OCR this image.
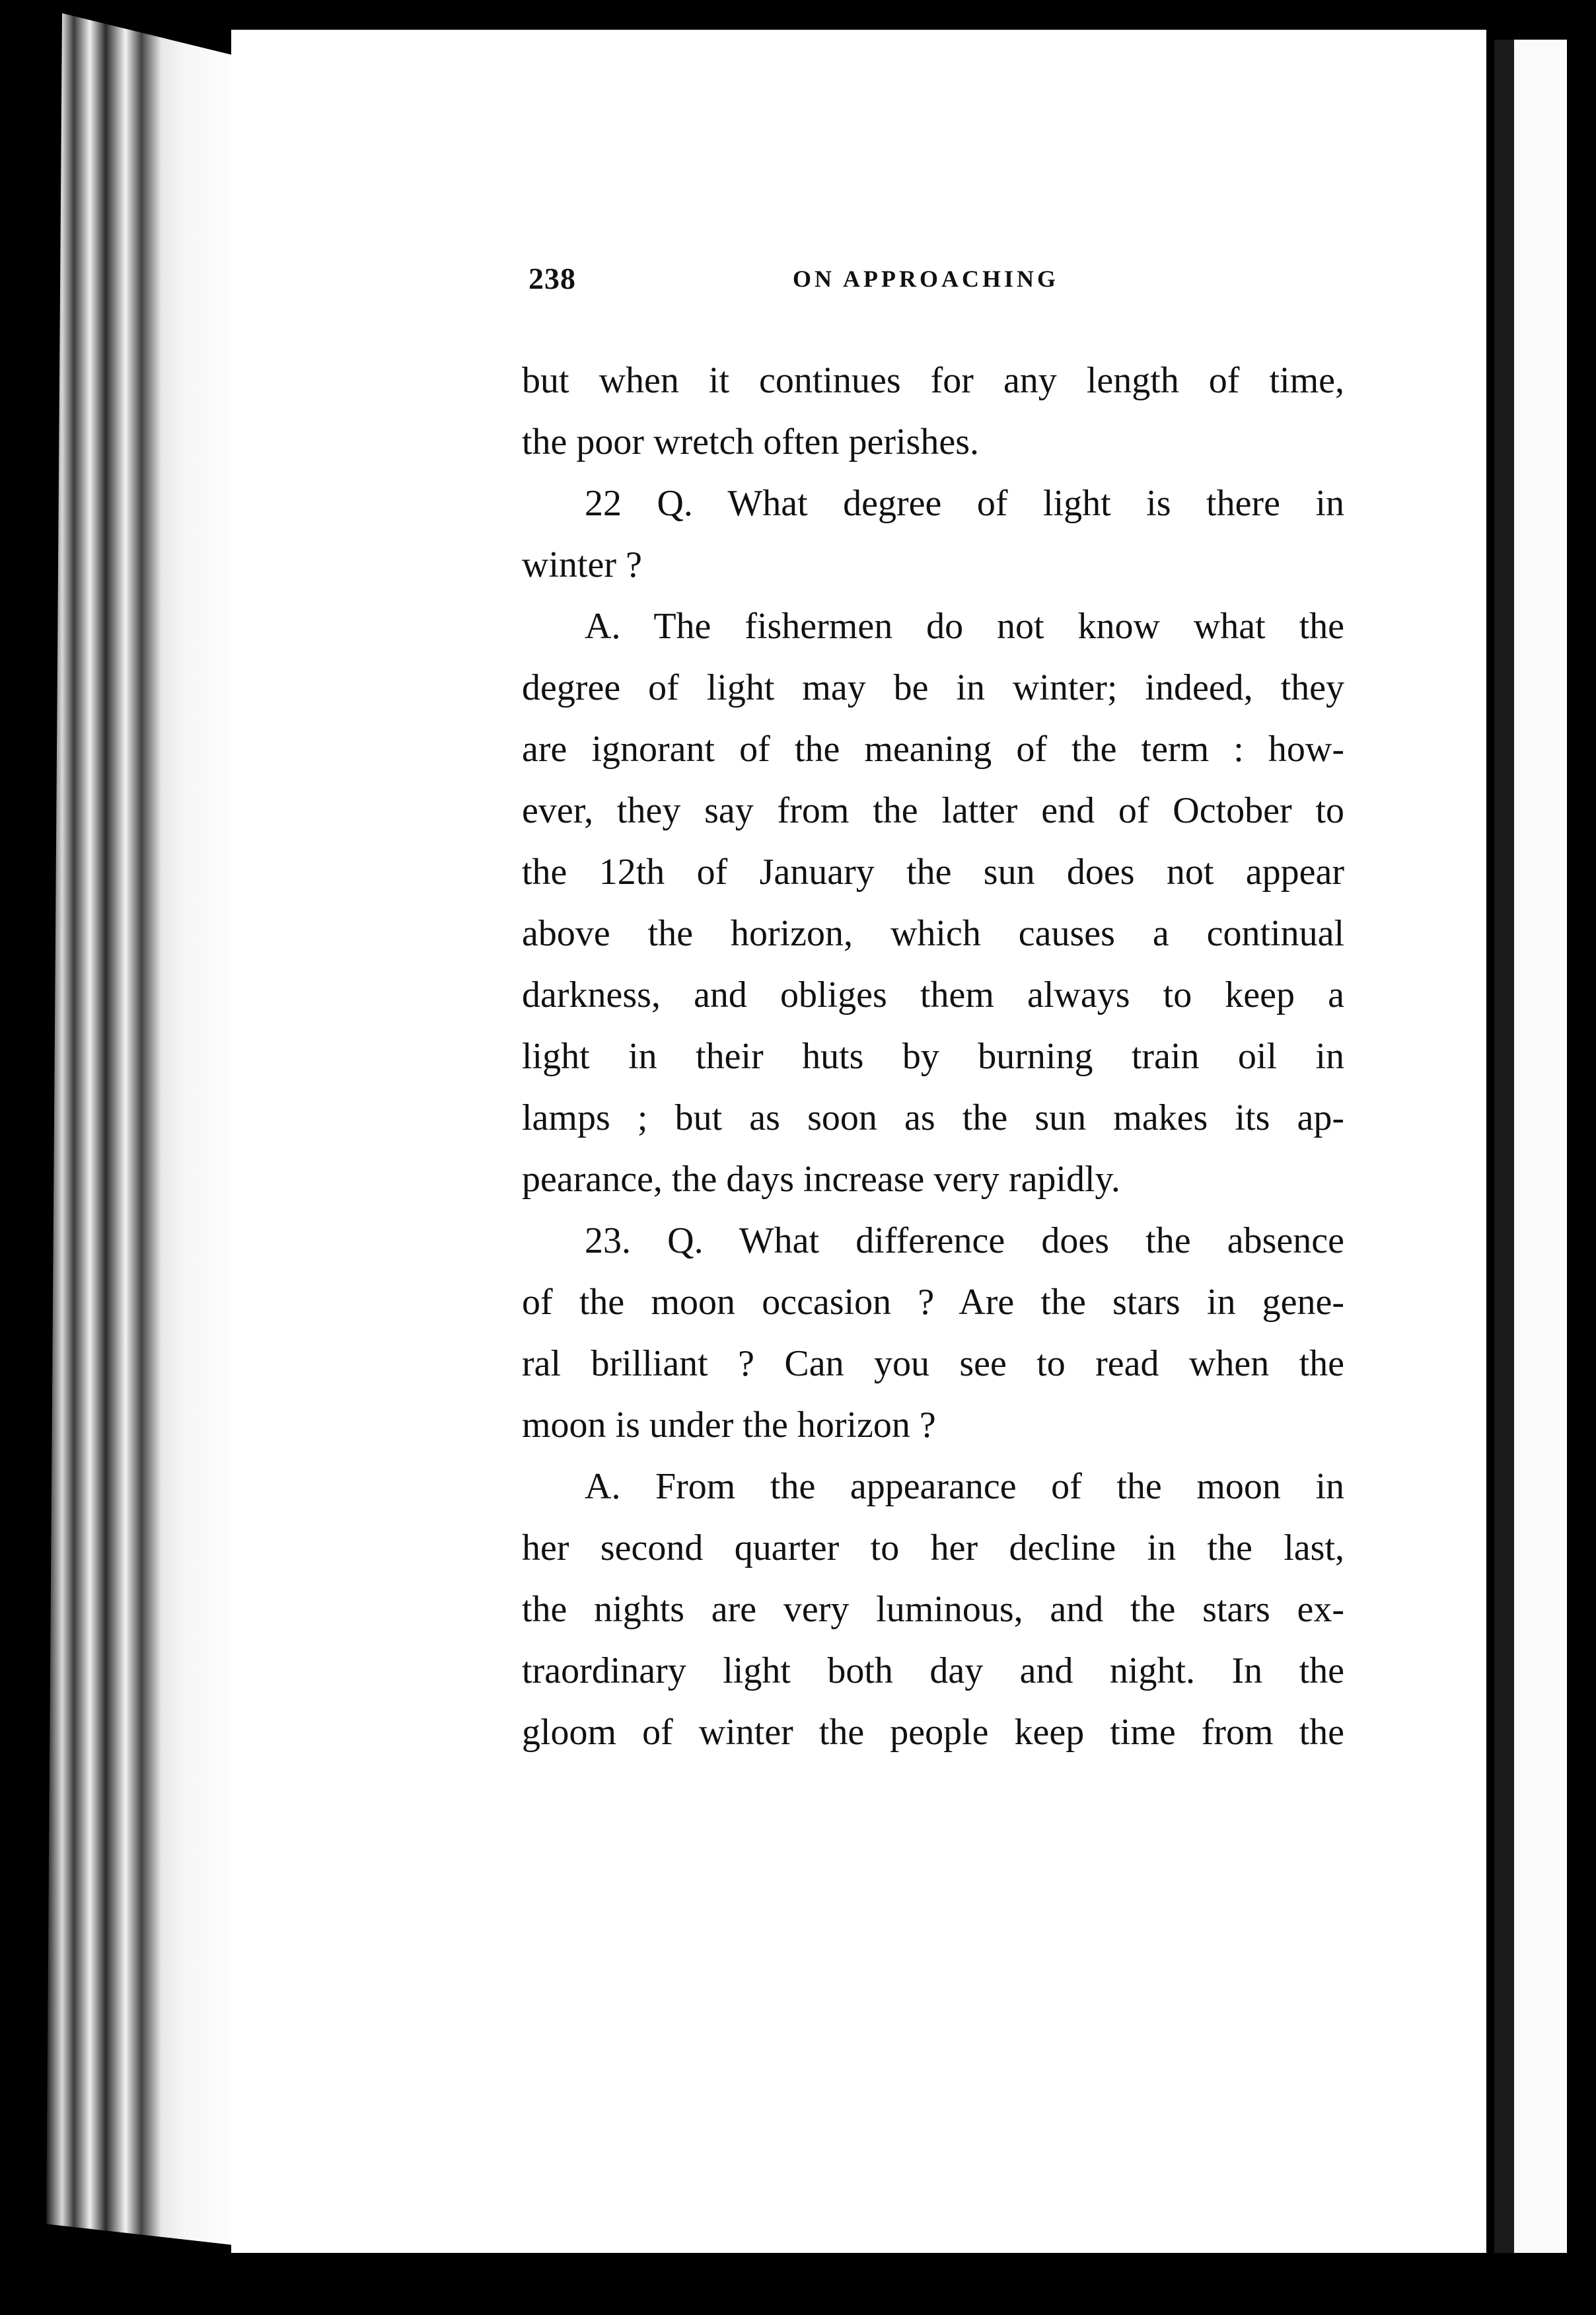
238	ON APPROACHING
but when it continues for any length of time,
the poor wretch often perishes.
22 Q. What degree of light is there in
winter ?
A. The fishermen do not know what the
degree of light may be in winter; indeed, they
are ignorant of the meaning of the term : how-
ever, they say from the latter end of October to
the 12th of January the sun does not appear
above the horizon, which causes a continual
darkness, and obliges them always to keep a
light in their huts by burning train oil in
lamps ; but as soon as the sun makes its ap-
pearance, the days increase very rapidly.
23. Q. What difference does the absence
of the moon occasion ? Are the stars in gene-
ral brilliant ? Can you see to read when the
moon is under the horizon ?
A. From the appearance of the moon in
her second quarter to her decline in the last,
the nights are very luminous, and the stars ex-
traordinary light both day and night. In the
gloom of winter the people keep time from the
